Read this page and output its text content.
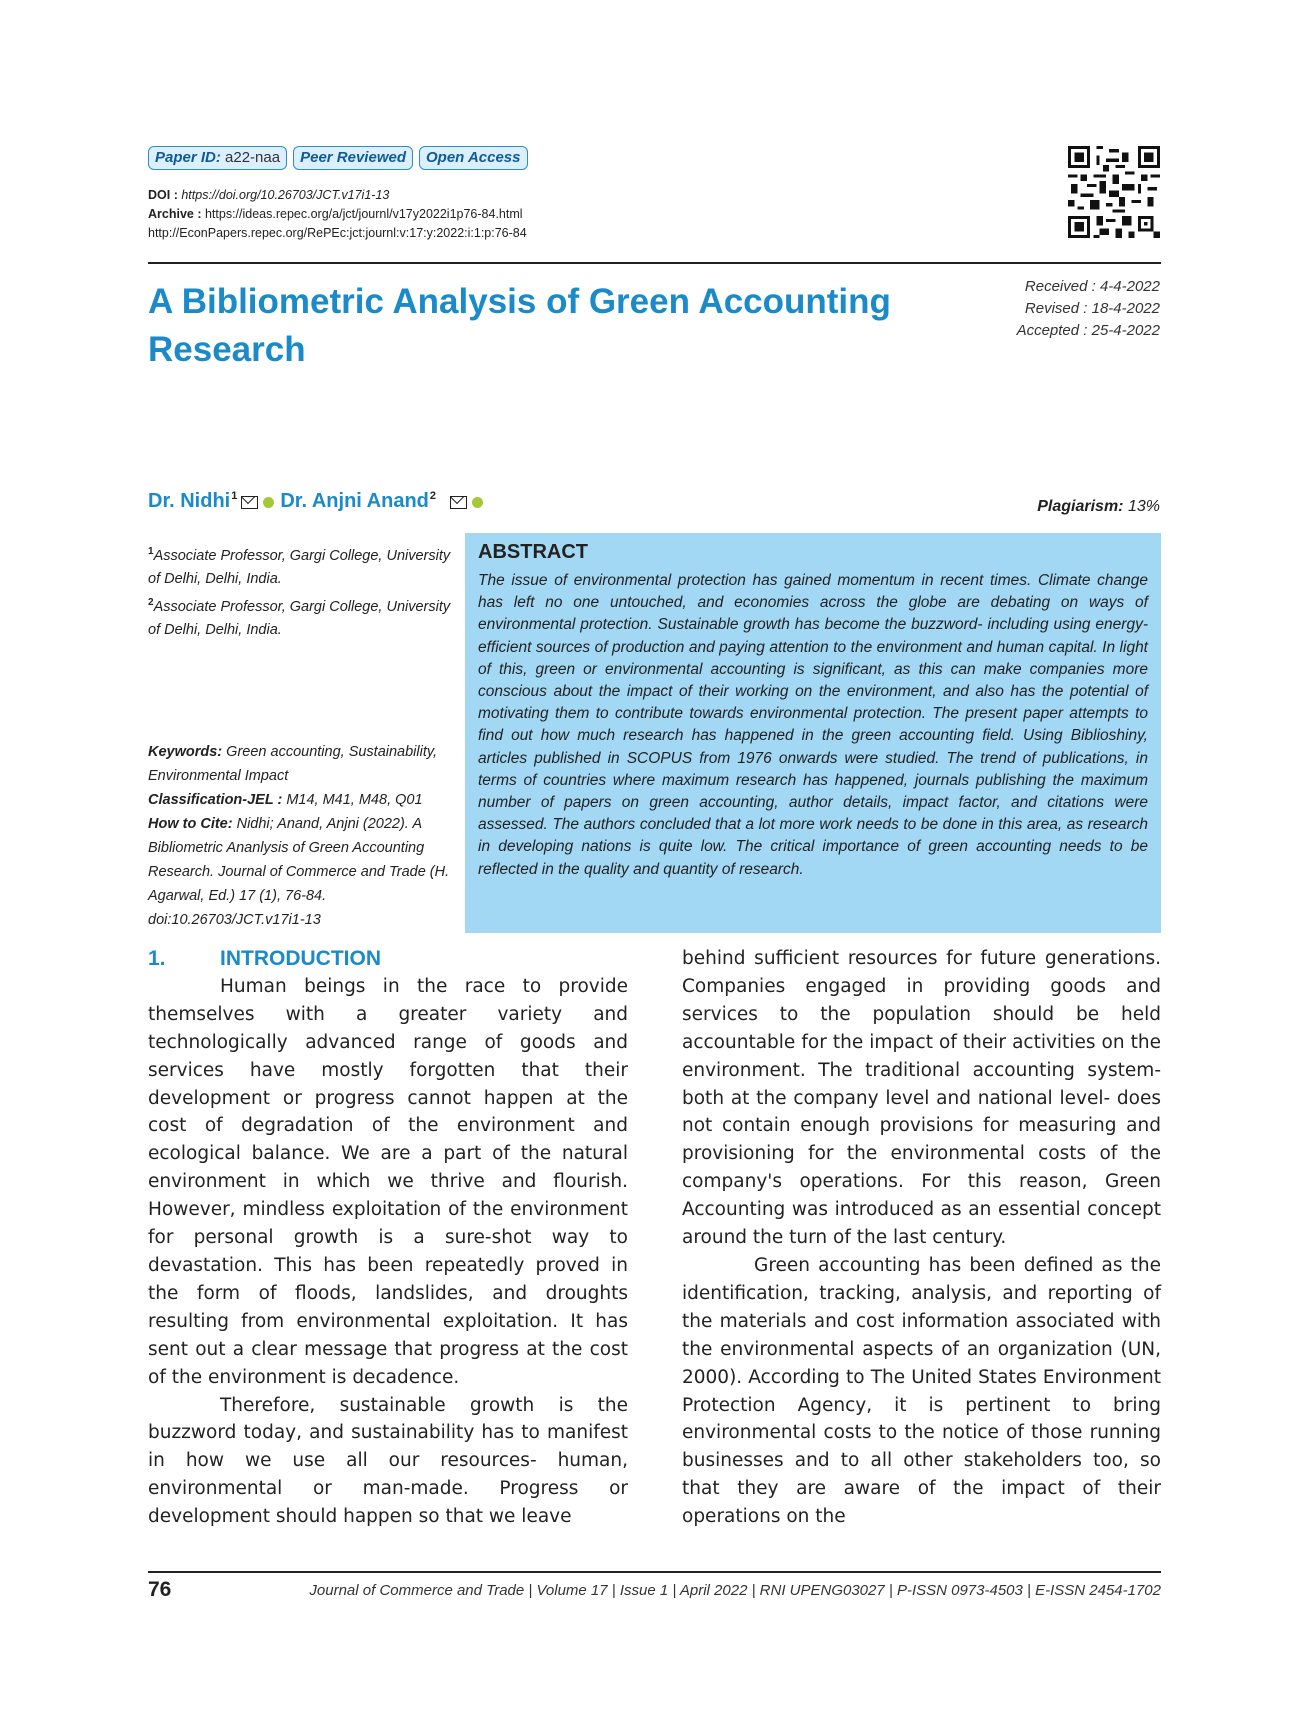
Paper ID: a22-naa	Peer Reviewed	Open Access
DOI : https://doi.org/10.26703/JCT.v17i1-13
Archive : https://ideas.repec.org/a/jct/journl/v17y2022i1p76-84.html
http://EconPapers.repec.org/RePEc:jct:journl:v:17:y:2022:i:1:p:76-84
A Bibliometric Analysis of Green Accounting Research
Received : 4-4-2022
Revised : 18-4-2022
Accepted : 25-4-2022
Dr. Nidhi$^1$ Dr. Anjni Anand$^2$
Plagiarism: 13%
$^1$Associate Professor, Gargi College, University of Delhi, Delhi, India.
$^2$Associate Professor, Gargi College, University of Delhi, Delhi, India.
Keywords: Green accounting, Sustainability, Environmental Impact
Classification-JEL : M14, M41, M48, Q01
How to Cite: Nidhi; Anand, Anjni (2022). A Bibliometric Ananlysis of Green Accounting Research. Journal of Commerce and Trade (H. Agarwal, Ed.) 17 (1), 76-84. doi:10.26703/JCT.v17i1-13
ABSTRACT
The issue of environmental protection has gained momentum in recent times. Climate change has left no one untouched, and economies across the globe are debating on ways of environmental protection. Sustainable growth has become the buzzword- including using energy-efficient sources of production and paying attention to the environment and human capital. In light of this, green or environmental accounting is significant, as this can make companies more conscious about the impact of their working on the environment, and also has the potential of motivating them to contribute towards environmental protection. The present paper attempts to find out how much research has happened in the green accounting field. Using Biblioshiny, articles published in SCOPUS from 1976 onwards were studied. The trend of publications, in terms of countries where maximum research has happened, journals publishing the maximum number of papers on green accounting, author details, impact factor, and citations were assessed. The authors concluded that a lot more work needs to be done in this area, as research in developing nations is quite low. The critical importance of green accounting needs to be reflected in the quality and quantity of research.
1.	INTRODUCTION

Human beings in the race to provide themselves with a greater variety and technologically advanced range of goods and services have mostly forgotten that their development or progress cannot happen at the cost of degradation of the environment and ecological balance. We are a part of the natural environment in which we thrive and flourish. However, mindless exploitation of the environment for personal growth is a sure-shot way to devastation. This has been repeatedly proved in the form of floods, landslides, and droughts resulting from environmental exploitation. It has sent out a clear message that progress at the cost of the environment is decadence.

Therefore, sustainable growth is the buzzword today, and sustainability has to manifest in how we use all our resources- human, environmental or man-made. Progress or development should happen so that we leave

behind sufficient resources for future generations. Companies engaged in providing goods and services to the population should be held accountable for the impact of their activities on the environment. The traditional accounting system- both at the company level and national level- does not contain enough provisions for measuring and provisioning for the environmental costs of the company's operations. For this reason, Green Accounting was introduced as an essential concept around the turn of the last century.

Green accounting has been defined as the identification, tracking, analysis, and reporting of the materials and cost information associated with the environmental aspects of an organization (UN, 2000). According to The United States Environment Protection Agency, it is pertinent to bring environmental costs to the notice of those running businesses and to all other stakeholders too, so that they are aware of the impact of their operations on the

76	Journal of Commerce and Trade | Volume 17 | Issue 1 | April 2022 | RNI UPENG03027 | P-ISSN 0973-4503 | E-ISSN 2454-1702
